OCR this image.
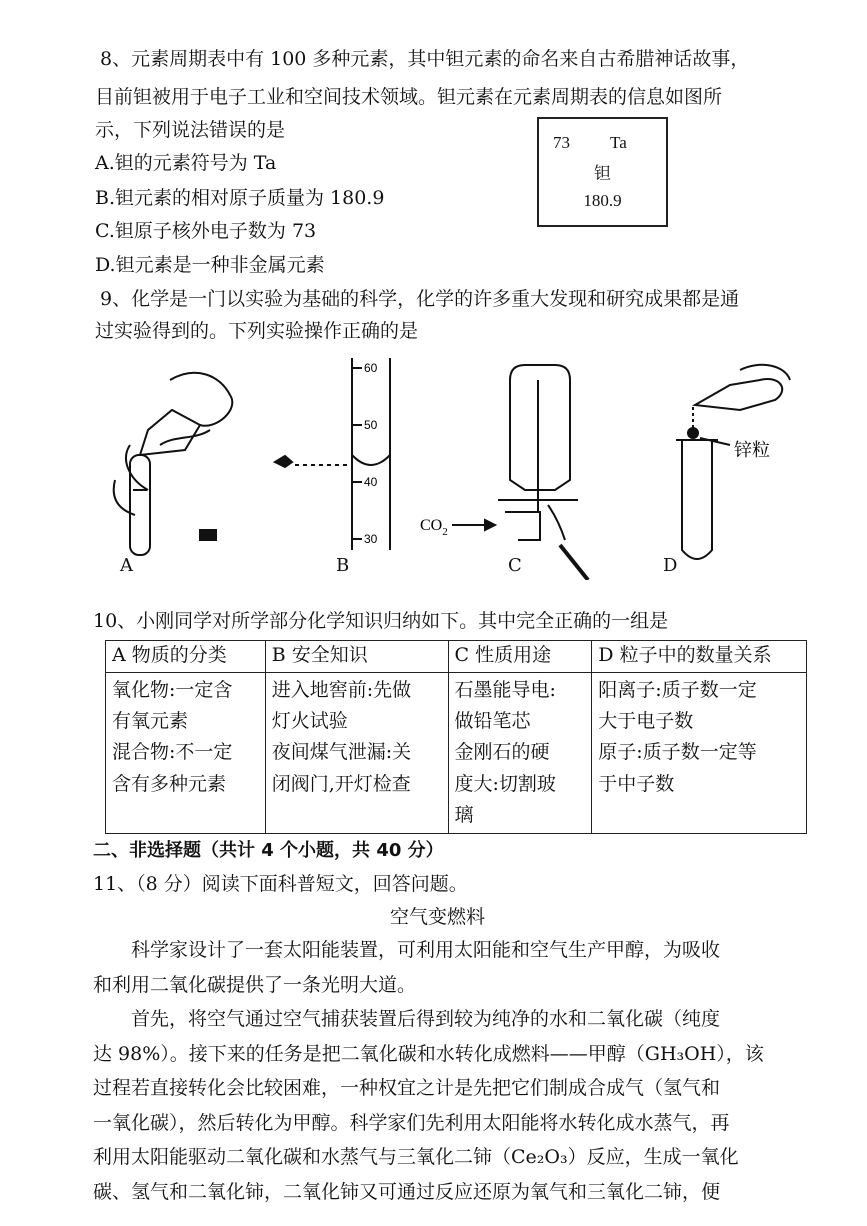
8、元素周期表中有 100 多种元素，其中钽元素的命名来自古希腊神话故事，
目前钽被用于电子工业和空间技术领域。钽元素在元素周期表的信息如图所
示，下列说法错误的是
A.钽的元素符号为 Ta
B.钽元素的相对原子质量为 180.9
C.钽原子核外电子数为 73
D.钽元素是一种非金属元素
73 Ta
钽
180.9
9、化学是一门以实验为基础的科学，化学的许多重大发现和研究成果都是通
过实验得到的。下列实验操作正确的是
60
50
40
30
$CO_2$
锌粒
A	B	C	D
10、小刚同学对所学部分化学知识归纳如下。其中完全正确的一组是
A 物质的分类	B 安全知识	C 性质用途	D 粒子中的数量关系

氧化物:一定含
有氧元素
混合物:不一定
含有多种元素	进入地窖前:先做
灯火试验
夜间煤气泄漏:关
闭阀门,开灯检查	石墨能导电:
做铅笔芯
金刚石的硬
度大:切割玻
璃	阳离子:质子数一定
大于电子数
原子:质子数一定等
于中子数
二、非选择题（共计 4 个小题，共 40 分）
11、（8 分）阅读下面科普短文，回答问题。
空气变燃料
科学家设计了一套太阳能装置，可利用太阳能和空气生产甲醇，为吸收
和利用二氧化碳提供了一条光明大道。
首先，将空气通过空气捕获装置后得到较为纯净的水和二氧化碳（纯度
达 98%）。接下来的任务是把二氧化碳和水转化成燃料——甲醇（GH₃OH），该
过程若直接转化会比较困难，一种权宜之计是先把它们制成合成气（氢气和
一氧化碳），然后转化为甲醇。科学家们先利用太阳能将水转化成水蒸气，再
利用太阳能驱动二氧化碳和水蒸气与三氧化二铈（Ce₂O₃）反应，生成一氧化
碳、氢气和二氧化铈，二氧化铈又可通过反应还原为氧气和三氧化二铈，便
